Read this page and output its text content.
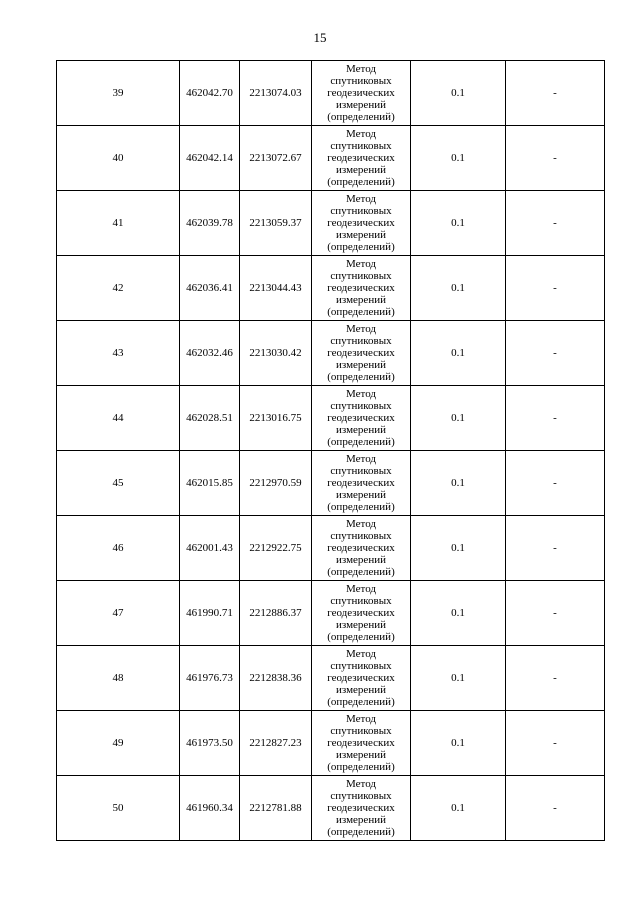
15
39	462042.70	2213074.03	Метод
спутниковых
геодезических
измерений
(определений)	0.1	-
40	462042.14	2213072.67	Метод
спутниковых
геодезических
измерений
(определений)	0.1	-
41	462039.78	2213059.37	Метод
спутниковых
геодезических
измерений
(определений)	0.1	-
42	462036.41	2213044.43	Метод
спутниковых
геодезических
измерений
(определений)	0.1	-
43	462032.46	2213030.42	Метод
спутниковых
геодезических
измерений
(определений)	0.1	-
44	462028.51	2213016.75	Метод
спутниковых
геодезических
измерений
(определений)	0.1	-
45	462015.85	2212970.59	Метод
спутниковых
геодезических
измерений
(определений)	0.1	-
46	462001.43	2212922.75	Метод
спутниковых
геодезических
измерений
(определений)	0.1	-
47	461990.71	2212886.37	Метод
спутниковых
геодезических
измерений
(определений)	0.1	-
48	461976.73	2212838.36	Метод
спутниковых
геодезических
измерений
(определений)	0.1	-
49	461973.50	2212827.23	Метод
спутниковых
геодезических
измерений
(определений)	0.1	-
50	461960.34	2212781.88	Метод
спутниковых
геодезических
измерений
(определений)	0.1	-
